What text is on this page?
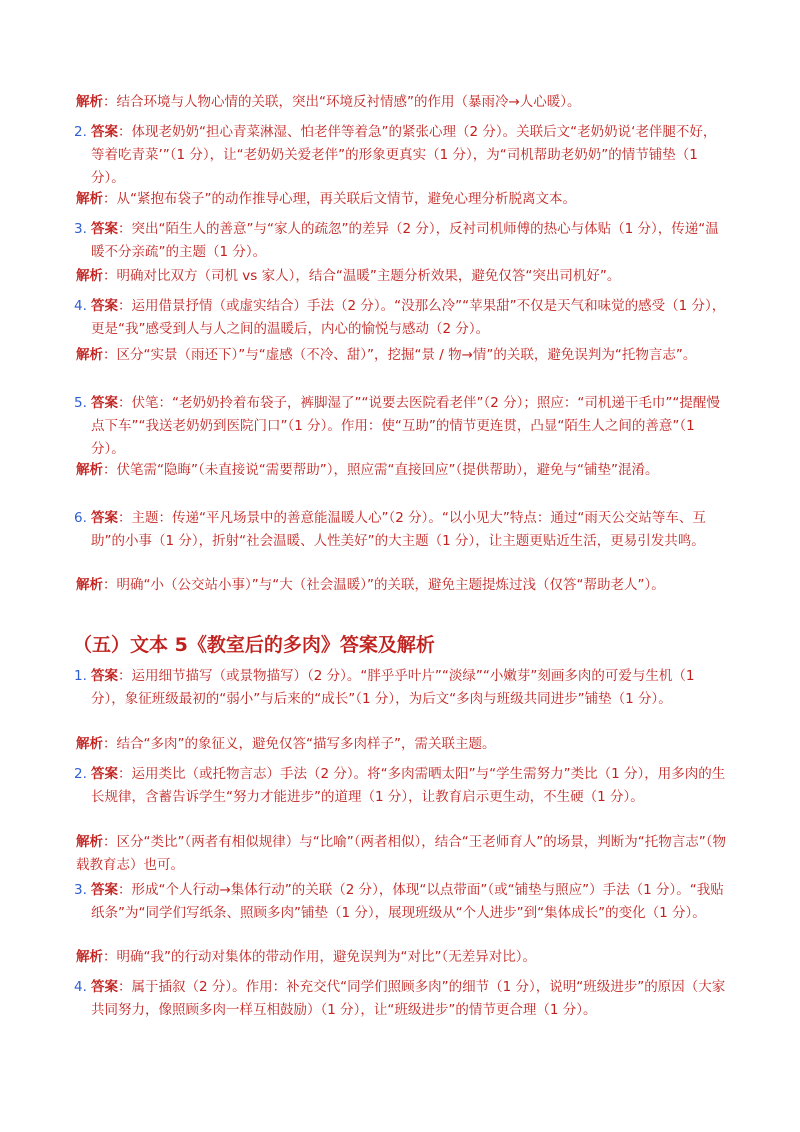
解析：结合环境与人物心情的关联，突出“环境反衬情感”的作用（暴雨冷→人心暖）。

2. 答案：体现老奶奶“担心青菜淋湿、怕老伴等着急”的紧张心理（2 分）。关联后文“老奶奶说‘老伴腿不好，等着吃青菜’”（1 分），让“老奶奶关爱老伴”的形象更真实（1 分），为“司机帮助老奶奶”的情节铺垫（1 分）。

解析：从“紧抱布袋子”的动作推导心理，再关联后文情节，避免心理分析脱离文本。

3. 答案：突出“陌生人的善意”与“家人的疏忽”的差异（2 分），反衬司机师傅的热心与体贴（1 分），传递“温暖不分亲疏”的主题（1 分）。

解析：明确对比双方（司机 vs 家人），结合“温暖”主题分析效果，避免仅答“突出司机好”。

4. 答案：运用借景抒情（或虚实结合）手法（2 分）。“没那么冷”“苹果甜”不仅是天气和味觉的感受（1 分），更是“我”感受到人与人之间的温暖后，内心的愉悦与感动（2 分）。

解析：区分“实景（雨还下）”与“虚感（不冷、甜）”，挖掘“景 / 物→情”的关联，避免误判为“托物言志”。

5. 答案：伏笔：“老奶奶拎着布袋子，裤脚湿了”“说要去医院看老伴”（2 分）；照应：“司机递干毛巾”“提醒慢点下车”“我送老奶奶到医院门口”（1 分）。作用：使“互助”的情节更连贯，凸显“陌生人之间的善意”（1 分）。

解析：伏笔需“隐晦”（未直接说“需要帮助”），照应需“直接回应”（提供帮助），避免与“铺垫”混淆。

6. 答案：主题：传递“平凡场景中的善意能温暖人心”（2 分）。“以小见大”特点：通过“雨天公交站等车、互助”的小事（1 分），折射“社会温暖、人性美好”的大主题（1 分），让主题更贴近生活，更易引发共鸣。

解析：明确“小（公交站小事）”与“大（社会温暖）”的关联，避免主题提炼过浅（仅答“帮助老人”）。

（五）文本 5《教室后的多肉》答案及解析

1. 答案：运用细节描写（或景物描写）（2 分）。“胖乎乎叶片”“淡绿”“小嫩芽”刻画多肉的可爱与生机（1 分），象征班级最初的“弱小”与后来的“成长”（1 分），为后文“多肉与班级共同进步”铺垫（1 分）。

解析：结合“多肉”的象征义，避免仅答“描写多肉样子”，需关联主题。

2. 答案：运用类比（或托物言志）手法（2 分）。将“多肉需晒太阳”与“学生需努力”类比（1 分），用多肉的生长规律，含蓄告诉学生“努力才能进步”的道理（1 分），让教育启示更生动，不生硬（1 分）。

解析：区分“类比”（两者有相似规律）与“比喻”（两者相似），结合“王老师育人”的场景，判断为“托物言志”（物载教育志）也可。

3. 答案：形成“个人行动→集体行动”的关联（2 分），体现“以点带面”（或“铺垫与照应”）手法（1 分）。“我贴纸条”为“同学们写纸条、照顾多肉”铺垫（1 分），展现班级从“个人进步”到“集体成长”的变化（1 分）。

解析：明确“我”的行动对集体的带动作用，避免误判为“对比”（无差异对比）。

4. 答案：属于插叙（2 分）。作用：补充交代“同学们照顾多肉”的细节（1 分），说明“班级进步”的原因（大家共同努力，像照顾多肉一样互相鼓励）（1 分），让“班级进步”的情节更合理（1 分）。
